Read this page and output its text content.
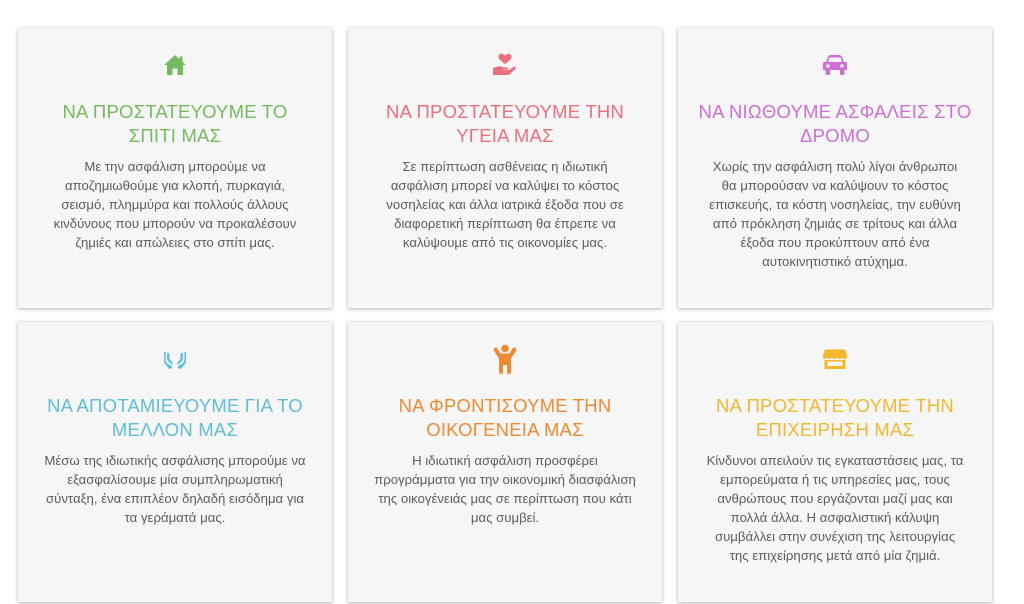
ΝΑ ΠΡΟΣΤΑΤΕΥΟΥΜΕ ΤΟ ΣΠΙΤΙ ΜΑΣ

Με την ασφάλιση μπορούμε να αποζημιωθούμε για κλοπή, πυρκαγιά, σεισμό, πλημμύρα και πολλούς άλλους κινδύνους που μπορούν να προκαλέσουν ζημιές και απώλειες στο σπίτι μας.

ΝΑ ΠΡΟΣΤΑΤΕΥΟΥΜΕ ΤΗΝ ΥΓΕΙΑ ΜΑΣ

Σε περίπτωση ασθένειας η ιδιωτική ασφάλιση μπορεί να καλύψει το κόστος νοσηλείας και άλλα ιατρικά έξοδα που σε διαφορετική περίπτωση θα έπρεπε να καλύψουμε από τις οικονομίες μας.

ΝΑ ΝΙΩΘΟΥΜΕ ΑΣΦΑΛΕΙΣ ΣΤΟ ΔΡΟΜΟ

Χωρίς την ασφάλιση πολύ λίγοι άνθρωποι θα μπορούσαν να καλύψουν το κόστος επισκευής, τα κόστη νοσηλείας, την ευθύνη από πρόκληση ζημιάς σε τρίτους και άλλα έξοδα που προκύπτουν από ένα αυτοκινητιστικό ατύχημα.

ΝΑ ΑΠΟΤΑΜΙΕΥΟΥΜΕ ΓΙΑ ΤΟ ΜΕΛΛΟΝ ΜΑΣ

Μέσω της ιδιωτικής ασφάλισης μπορούμε να εξασφαλίσουμε μία συμπληρωματική σύνταξη, ένα επιπλέον δηλαδή εισόδημα για τα γεράματά μας.

ΝΑ ΦΡΟΝΤΙΣΟΥΜΕ ΤΗΝ ΟΙΚΟΓΕΝΕΙΑ ΜΑΣ

Η ιδιωτική ασφάλιση προσφέρει προγράμματα για την οικονομική διασφάλιση της οικογένειάς μας σε περίπτωση που κάτι μας συμβεί.

ΝΑ ΠΡΟΣΤΑΤΕΥΟΥΜΕ ΤΗΝ ΕΠΙΧΕΙΡΗΣΗ ΜΑΣ

Κίνδυνοι απειλούν τις εγκαταστάσεις μας, τα εμπορεύματα ή τις υπηρεσίες μας, τους ανθρώπους που εργάζονται μαζί μας και πολλά άλλα. Η ασφαλιστική κάλυψη συμβάλλει στην συνέχιση της λειτουργίας της επιχείρησης μετά από μία ζημιά.
